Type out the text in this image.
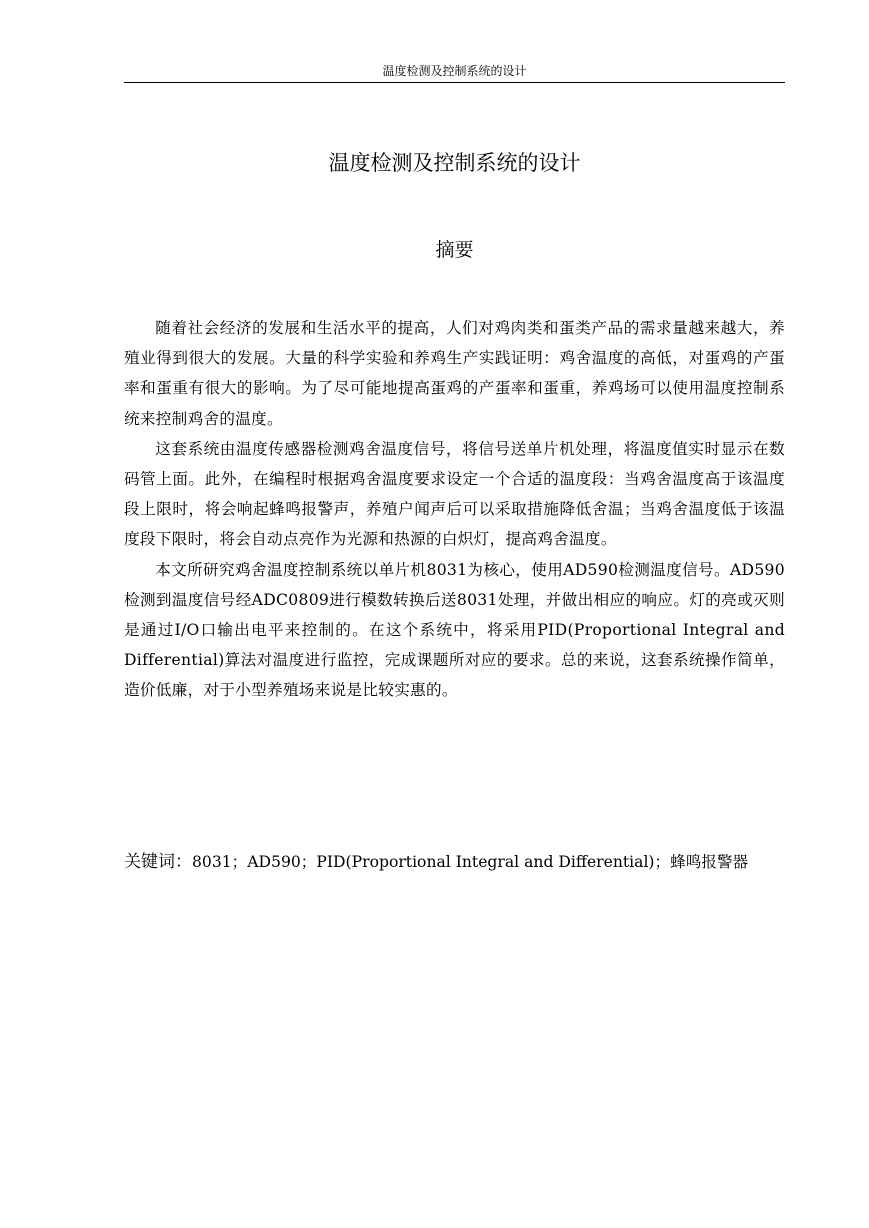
温度检测及控制系统的设计
温度检测及控制系统的设计
摘要

随着社会经济的发展和生活水平的提高，人们对鸡肉类和蛋类产品的需求量越来越大，养殖业得到很大的发展。大量的科学实验和养鸡生产实践证明：鸡舍温度的高低，对蛋鸡的产蛋率和蛋重有很大的影响。为了尽可能地提高蛋鸡的产蛋率和蛋重，养鸡场可以使用温度控制系统来控制鸡舍的温度。

这套系统由温度传感器检测鸡舍温度信号，将信号送单片机处理，将温度值实时显示在数码管上面。此外，在编程时根据鸡舍温度要求设定一个合适的温度段：当鸡舍温度高于该温度段上限时，将会响起蜂鸣报警声，养殖户闻声后可以采取措施降低舍温；当鸡舍温度低于该温度段下限时，将会自动点亮作为光源和热源的白炽灯，提高鸡舍温度。

本文所研究鸡舍温度控制系统以单片机8031为核心，使用AD590检测温度信号。AD590检测到温度信号经ADC0809进行模数转换后送8031处理，并做出相应的响应。灯的亮或灭则是通过I/O口输出电平来控制的。在这个系统中，将采用PID(Proportional Integral and Differential)算法对温度进行监控，完成课题所对应的要求。总的来说，这套系统操作简单，造价低廉，对于小型养殖场来说是比较实惠的。

关键词：8031；AD590；PID(Proportional Integral and Differential)；蜂鸣报警器
